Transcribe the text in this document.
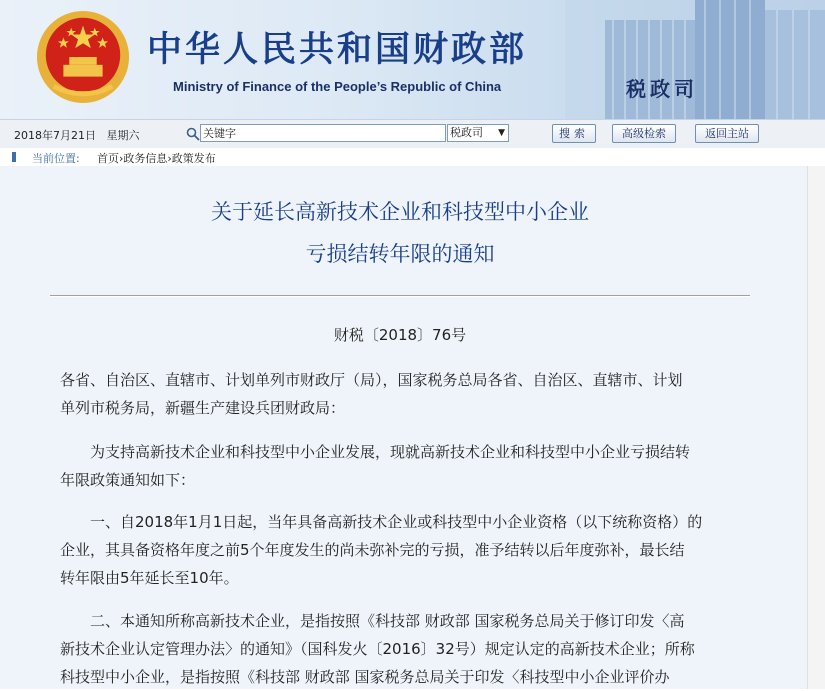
中华人民共和国财政部
Ministry of Finance of the People’s Republic of China	税政司
2018年7月21日 星期六
关键字	税政司 ▼	搜索	高级检索	返回主站
当前位置: 首页›政务信息›政策发布
关于延长高新技术企业和科技型中小企业
亏损结转年限的通知
财税〔2018〕76号
各省、自治区、直辖市、计划单列市财政厅（局），国家税务总局各省、自治区、直辖市、计划
单列市税务局，新疆生产建设兵团财政局：
为支持高新技术企业和科技型中小企业发展，现就高新技术企业和科技型中小企业亏损结转
年限政策通知如下：
一、自2018年1月1日起，当年具备高新技术企业或科技型中小企业资格（以下统称资格）的
企业，其具备资格年度之前5个年度发生的尚未弥补完的亏损，准予结转以后年度弥补，最长结
转年限由5年延长至10年。
二、本通知所称高新技术企业，是指按照《科技部 财政部 国家税务总局关于修订印发〈高
新技术企业认定管理办法〉的通知》（国科发火〔2016〕32号）规定认定的高新技术企业；所称
科技型中小企业，是指按照《科技部 财政部 国家税务总局关于印发〈科技型中小企业评价办
